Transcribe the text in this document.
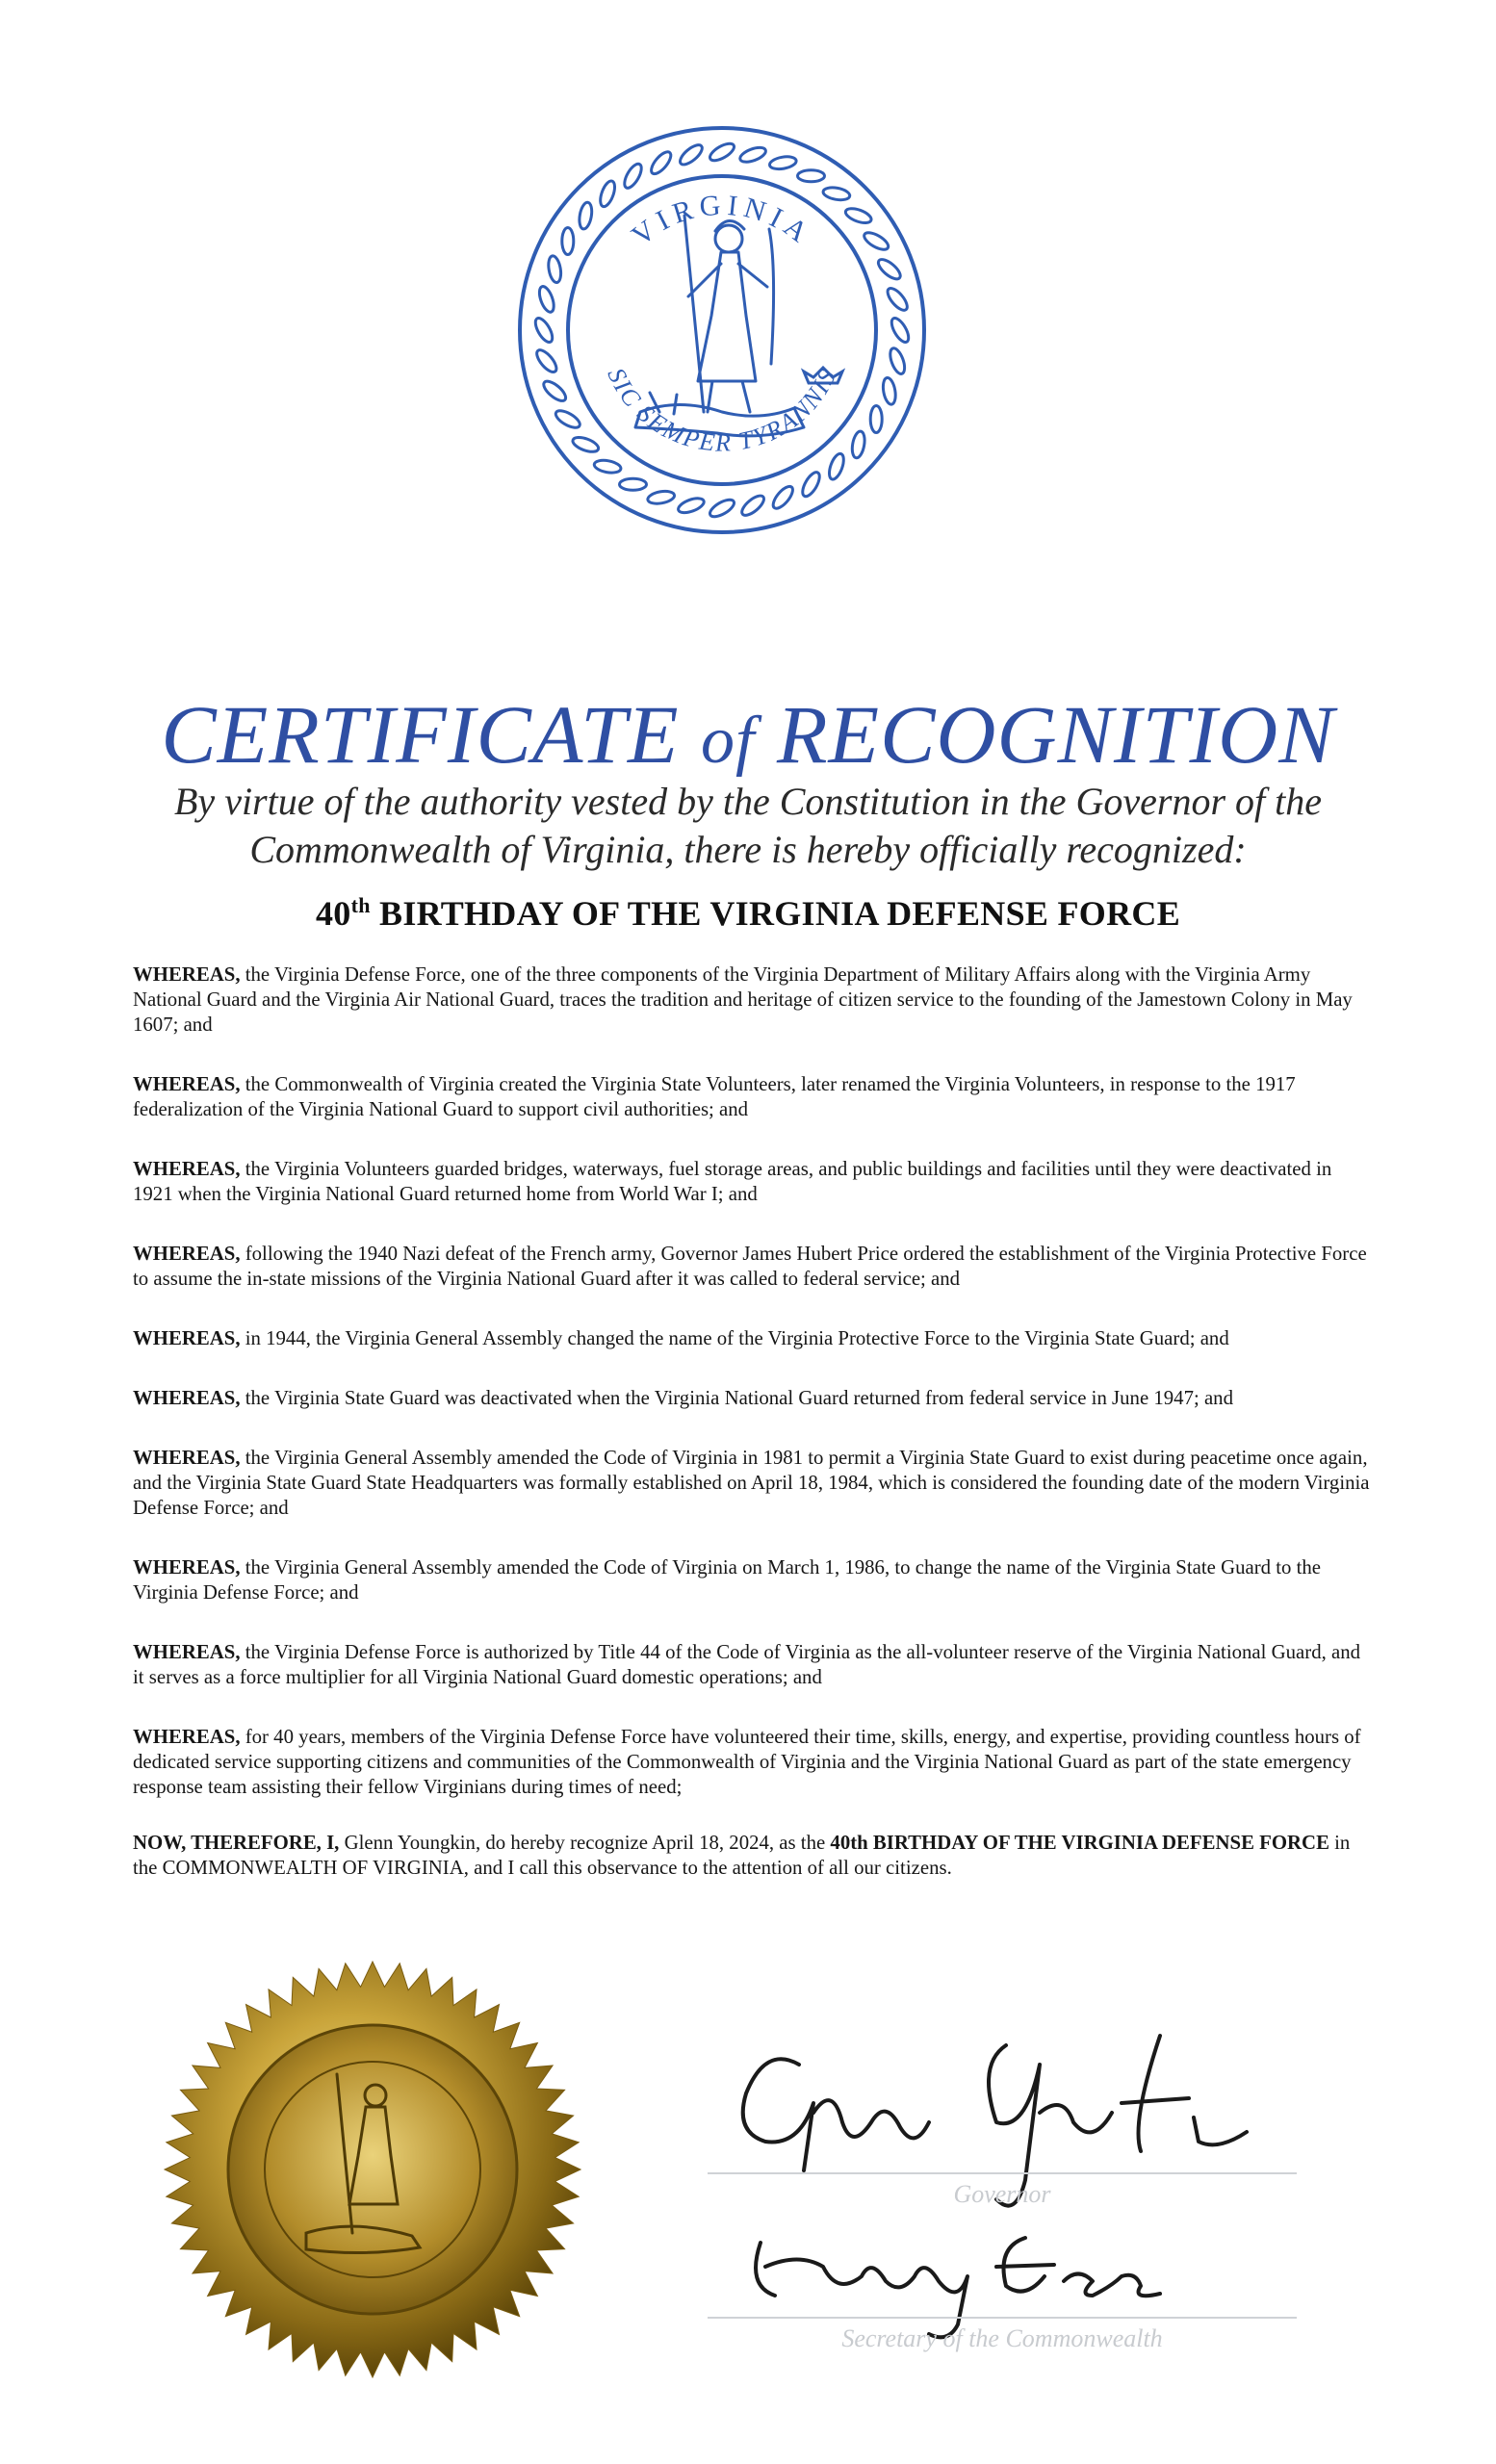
VIRGINIA
SIC SEMPER TYRANNIS
CERTIFICATE of RECOGNITION
By virtue of the authority vested by the Constitution in the Governor of the
Commonwealth of Virginia, there is hereby officially recognized:
40th BIRTHDAY OF THE VIRGINIA DEFENSE FORCE

WHEREAS, the Virginia Defense Force, one of the three components of the Virginia Department of Military Affairs along with the Virginia Army National Guard and the Virginia Air National Guard, traces the tradition and heritage of citizen service to the founding of the Jamestown Colony in May 1607; and

WHEREAS, the Commonwealth of Virginia created the Virginia State Volunteers, later renamed the Virginia Volunteers, in response to the 1917 federalization of the Virginia National Guard to support civil authorities; and

WHEREAS, the Virginia Volunteers guarded bridges, waterways, fuel storage areas, and public buildings and facilities until they were deactivated in 1921 when the Virginia National Guard returned home from World War I; and

WHEREAS, following the 1940 Nazi defeat of the French army, Governor James Hubert Price ordered the establishment of the Virginia Protective Force to assume the in-state missions of the Virginia National Guard after it was called to federal service; and

WHEREAS, in 1944, the Virginia General Assembly changed the name of the Virginia Protective Force to the Virginia State Guard; and

WHEREAS, the Virginia State Guard was deactivated when the Virginia National Guard returned from federal service in June 1947; and

WHEREAS, the Virginia General Assembly amended the Code of Virginia in 1981 to permit a Virginia State Guard to exist during peacetime once again, and the Virginia State Guard State Headquarters was formally established on April 18, 1984, which is considered the founding date of the modern Virginia Defense Force; and

WHEREAS, the Virginia General Assembly amended the Code of Virginia on March 1, 1986, to change the name of the Virginia State Guard to the Virginia Defense Force; and

WHEREAS, the Virginia Defense Force is authorized by Title 44 of the Code of Virginia as the all-volunteer reserve of the Virginia National Guard, and it serves as a force multiplier for all Virginia National Guard domestic operations; and

WHEREAS, for 40 years, members of the Virginia Defense Force have volunteered their time, skills, energy, and expertise, providing countless hours of dedicated service supporting citizens and communities of the Commonwealth of Virginia and the Virginia National Guard as part of the state emergency response team assisting their fellow Virginians during times of need;

NOW, THEREFORE, I, Glenn Youngkin, do hereby recognize April 18, 2024, as the 40th BIRTHDAY OF THE VIRGINIA DEFENSE FORCE in the COMMONWEALTH OF VIRGINIA, and I call this observance to the attention of all our citizens.

Governor
Secretary of the Commonwealth
